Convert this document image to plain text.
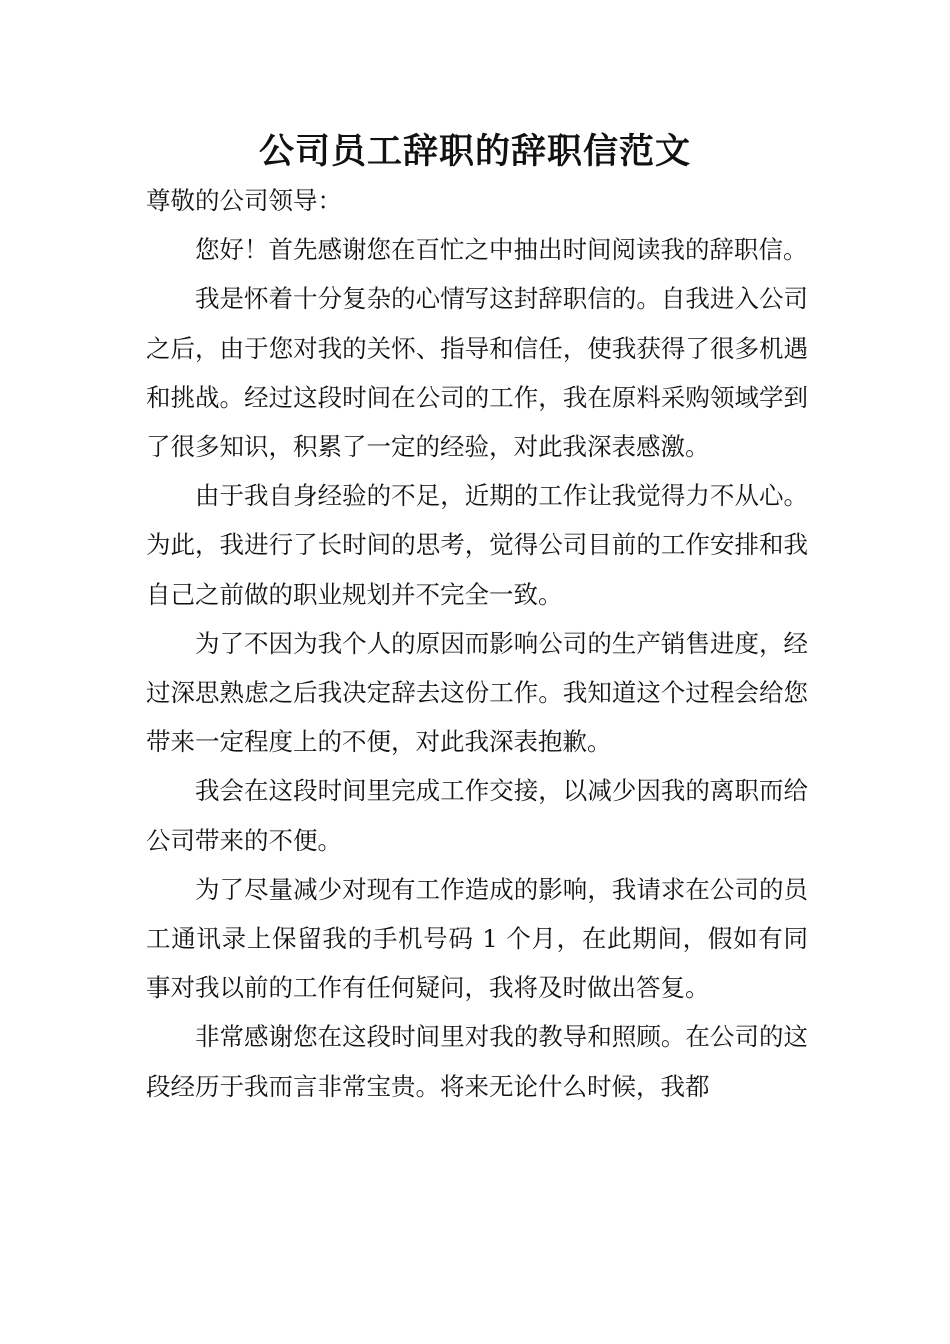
公司员工辞职的辞职信范文

尊敬的公司领导：

您好！首先感谢您在百忙之中抽出时间阅读我的辞职信。

我是怀着十分复杂的心情写这封辞职信的。自我进入公司之后，由于您对我的关怀、指导和信任，使我获得了很多机遇和挑战。经过这段时间在公司的工作，我在原料采购领域学到了很多知识，积累了一定的经验，对此我深表感激。

由于我自身经验的不足，近期的工作让我觉得力不从心。为此，我进行了长时间的思考，觉得公司目前的工作安排和我自己之前做的职业规划并不完全一致。

为了不因为我个人的原因而影响公司的生产销售进度，经过深思熟虑之后我决定辞去这份工作。我知道这个过程会给您带来一定程度上的不便，对此我深表抱歉。

我会在这段时间里完成工作交接，以减少因我的离职而给公司带来的不便。

为了尽量减少对现有工作造成的影响，我请求在公司的员工通讯录上保留我的手机号码 1 个月，在此期间，假如有同事对我以前的工作有任何疑问，我将及时做出答复。

非常感谢您在这段时间里对我的教导和照顾。在公司的这段经历于我而言非常宝贵。将来无论什么时候，我都
